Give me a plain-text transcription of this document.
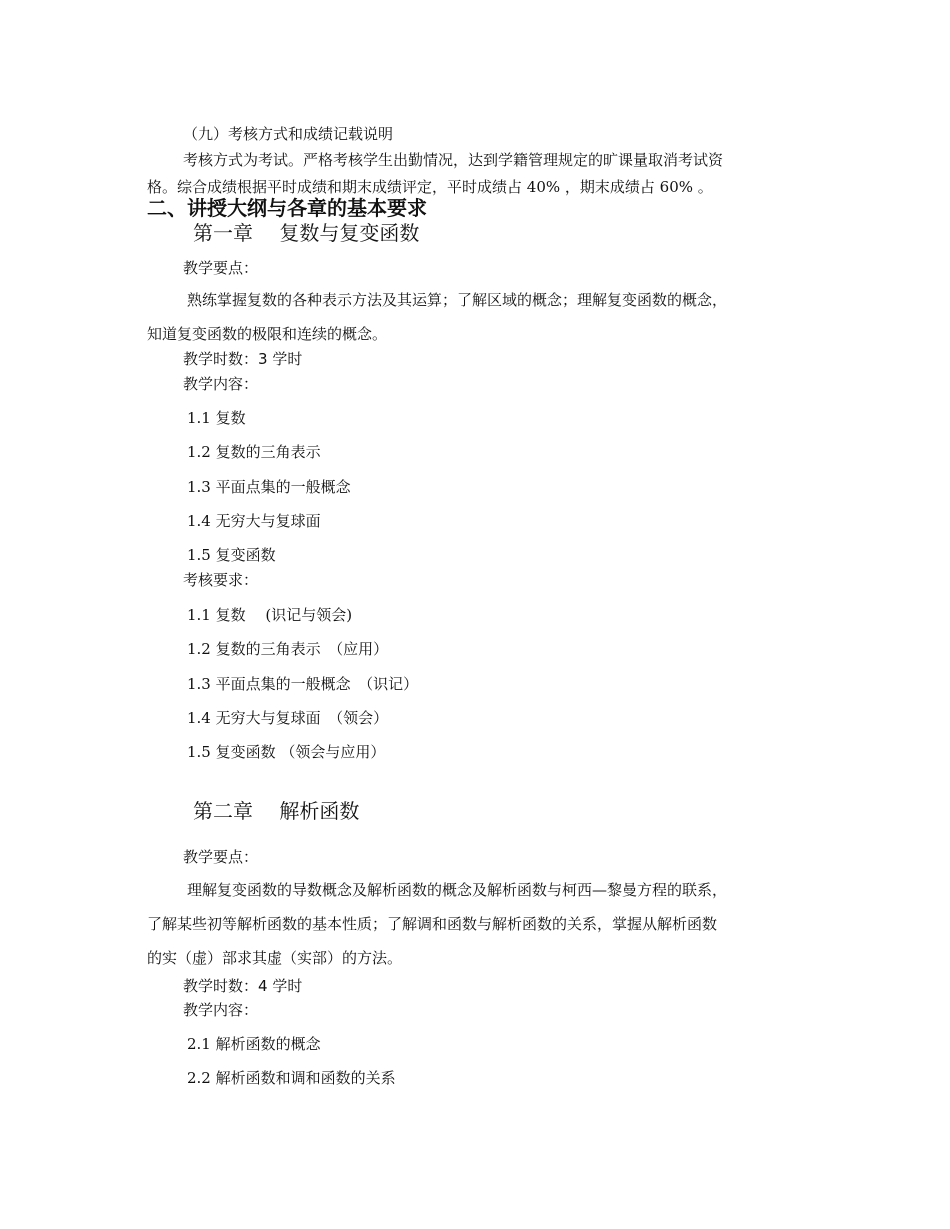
（九）考核方式和成绩记载说明
考核方式为考试。严格考核学生出勤情况，达到学籍管理规定的旷课量取消考试资
格。综合成绩根据平时成绩和期末成绩评定，平时成绩占 40% ，期末成绩占 60% 。
二、讲授大纲与各章的基本要求
第一章　 复数与复变函数
教学要点：
熟练掌握复数的各种表示方法及其运算；了解区域的概念；理解复变函数的概念，
知道复变函数的极限和连续的概念。
教学时数：3 学时
教学内容：
1.1 复数
1.2 复数的三角表示
1.3 平面点集的一般概念
1.4 无穷大与复球面
1.5 复变函数
考核要求：
1.1 复数　 (识记与领会)
1.2 复数的三角表示　（应用）
1.3 平面点集的一般概念　（识记）
1.4 无穷大与复球面　（领会）
1.5 复变函数 （领会与应用）
第二章　 解析函数
教学要点：
理解复变函数的导数概念及解析函数的概念及解析函数与柯西—黎曼方程的联系，
了解某些初等解析函数的基本性质；了解调和函数与解析函数的关系，掌握从解析函数
的实（虚）部求其虚（实部）的方法。
教学时数：4 学时
教学内容：
2.1 解析函数的概念
2.2 解析函数和调和函数的关系
